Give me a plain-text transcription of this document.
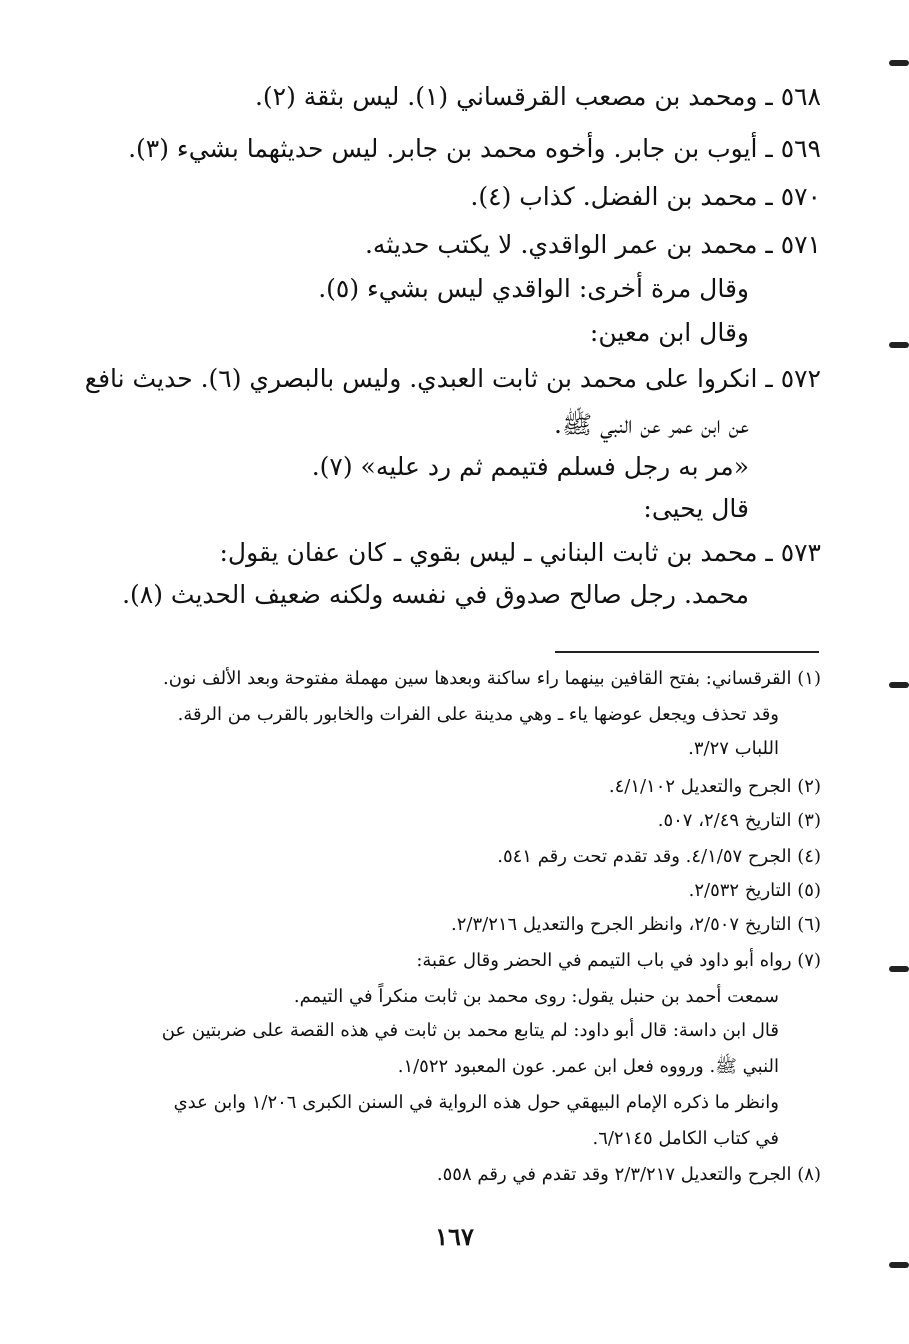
٥٦٨ ـ ومحمد بن مصعب القرقساني (١). ليس بثقة (٢).
٥٦٩ ـ أيوب بن جابر. وأخوه محمد بن جابر. ليس حديثهما بشيء (٣).
٥٧٠ ـ محمد بن الفضل. كذاب (٤).
٥٧١ ـ محمد بن عمر الواقدي. لا يكتب حديثه.
وقال مرة أخرى: الواقدي ليس بشيء (٥).
وقال ابن معين:
٥٧٢ ـ انكروا على محمد بن ثابت العبدي. وليس بالبصري (٦). حديث نافع
عن ابن عمر عن النبي ﷺ.
«مر به رجل فسلم فتيمم ثم رد عليه» (٧).
قال يحيى:
٥٧٣ ـ محمد بن ثابت البناني ـ ليس بقوي ـ كان عفان يقول:
محمد. رجل صالح صدوق في نفسه ولكنه ضعيف الحديث (٨).
(١) القرقساني: بفتح القافين بينهما راء ساكنة وبعدها سين مهملة مفتوحة وبعد الألف نون.
وقد تحذف ويجعل عوضها ياء ـ وهي مدينة على الفرات والخابور بالقرب من الرقة.
اللباب ٣/٢٧.
(٢) الجرح والتعديل ٤/١/١٠٢.
(٣) التاريخ ٢/٤٩، ٥٠٧.
(٤) الجرح ٤/١/٥٧. وقد تقدم تحت رقم ٥٤١.
(٥) التاريخ ٢/٥٣٢.
(٦) التاريخ ٢/٥٠٧، وانظر الجرح والتعديل ٢/٣/٢١٦.
(٧) رواه أبو داود في باب التيمم في الحضر وقال عقبة:
سمعت أحمد بن حنبل يقول: روى محمد بن ثابت منكراً في التيمم.
قال ابن داسة: قال أبو داود: لم يتابع محمد بن ثابت في هذه القصة على ضربتين عن
النبي ﷺ. ورووه فعل ابن عمر. عون المعبود ١/٥٢٢.
وانظر ما ذكره الإمام البيهقي حول هذه الرواية في السنن الكبرى ١/٢٠٦ وابن عدي
في كتاب الكامل ٦/٢١٤٥.
(٨) الجرح والتعديل ٢/٣/٢١٧ وقد تقدم في رقم ٥٥٨.
١٦٧
